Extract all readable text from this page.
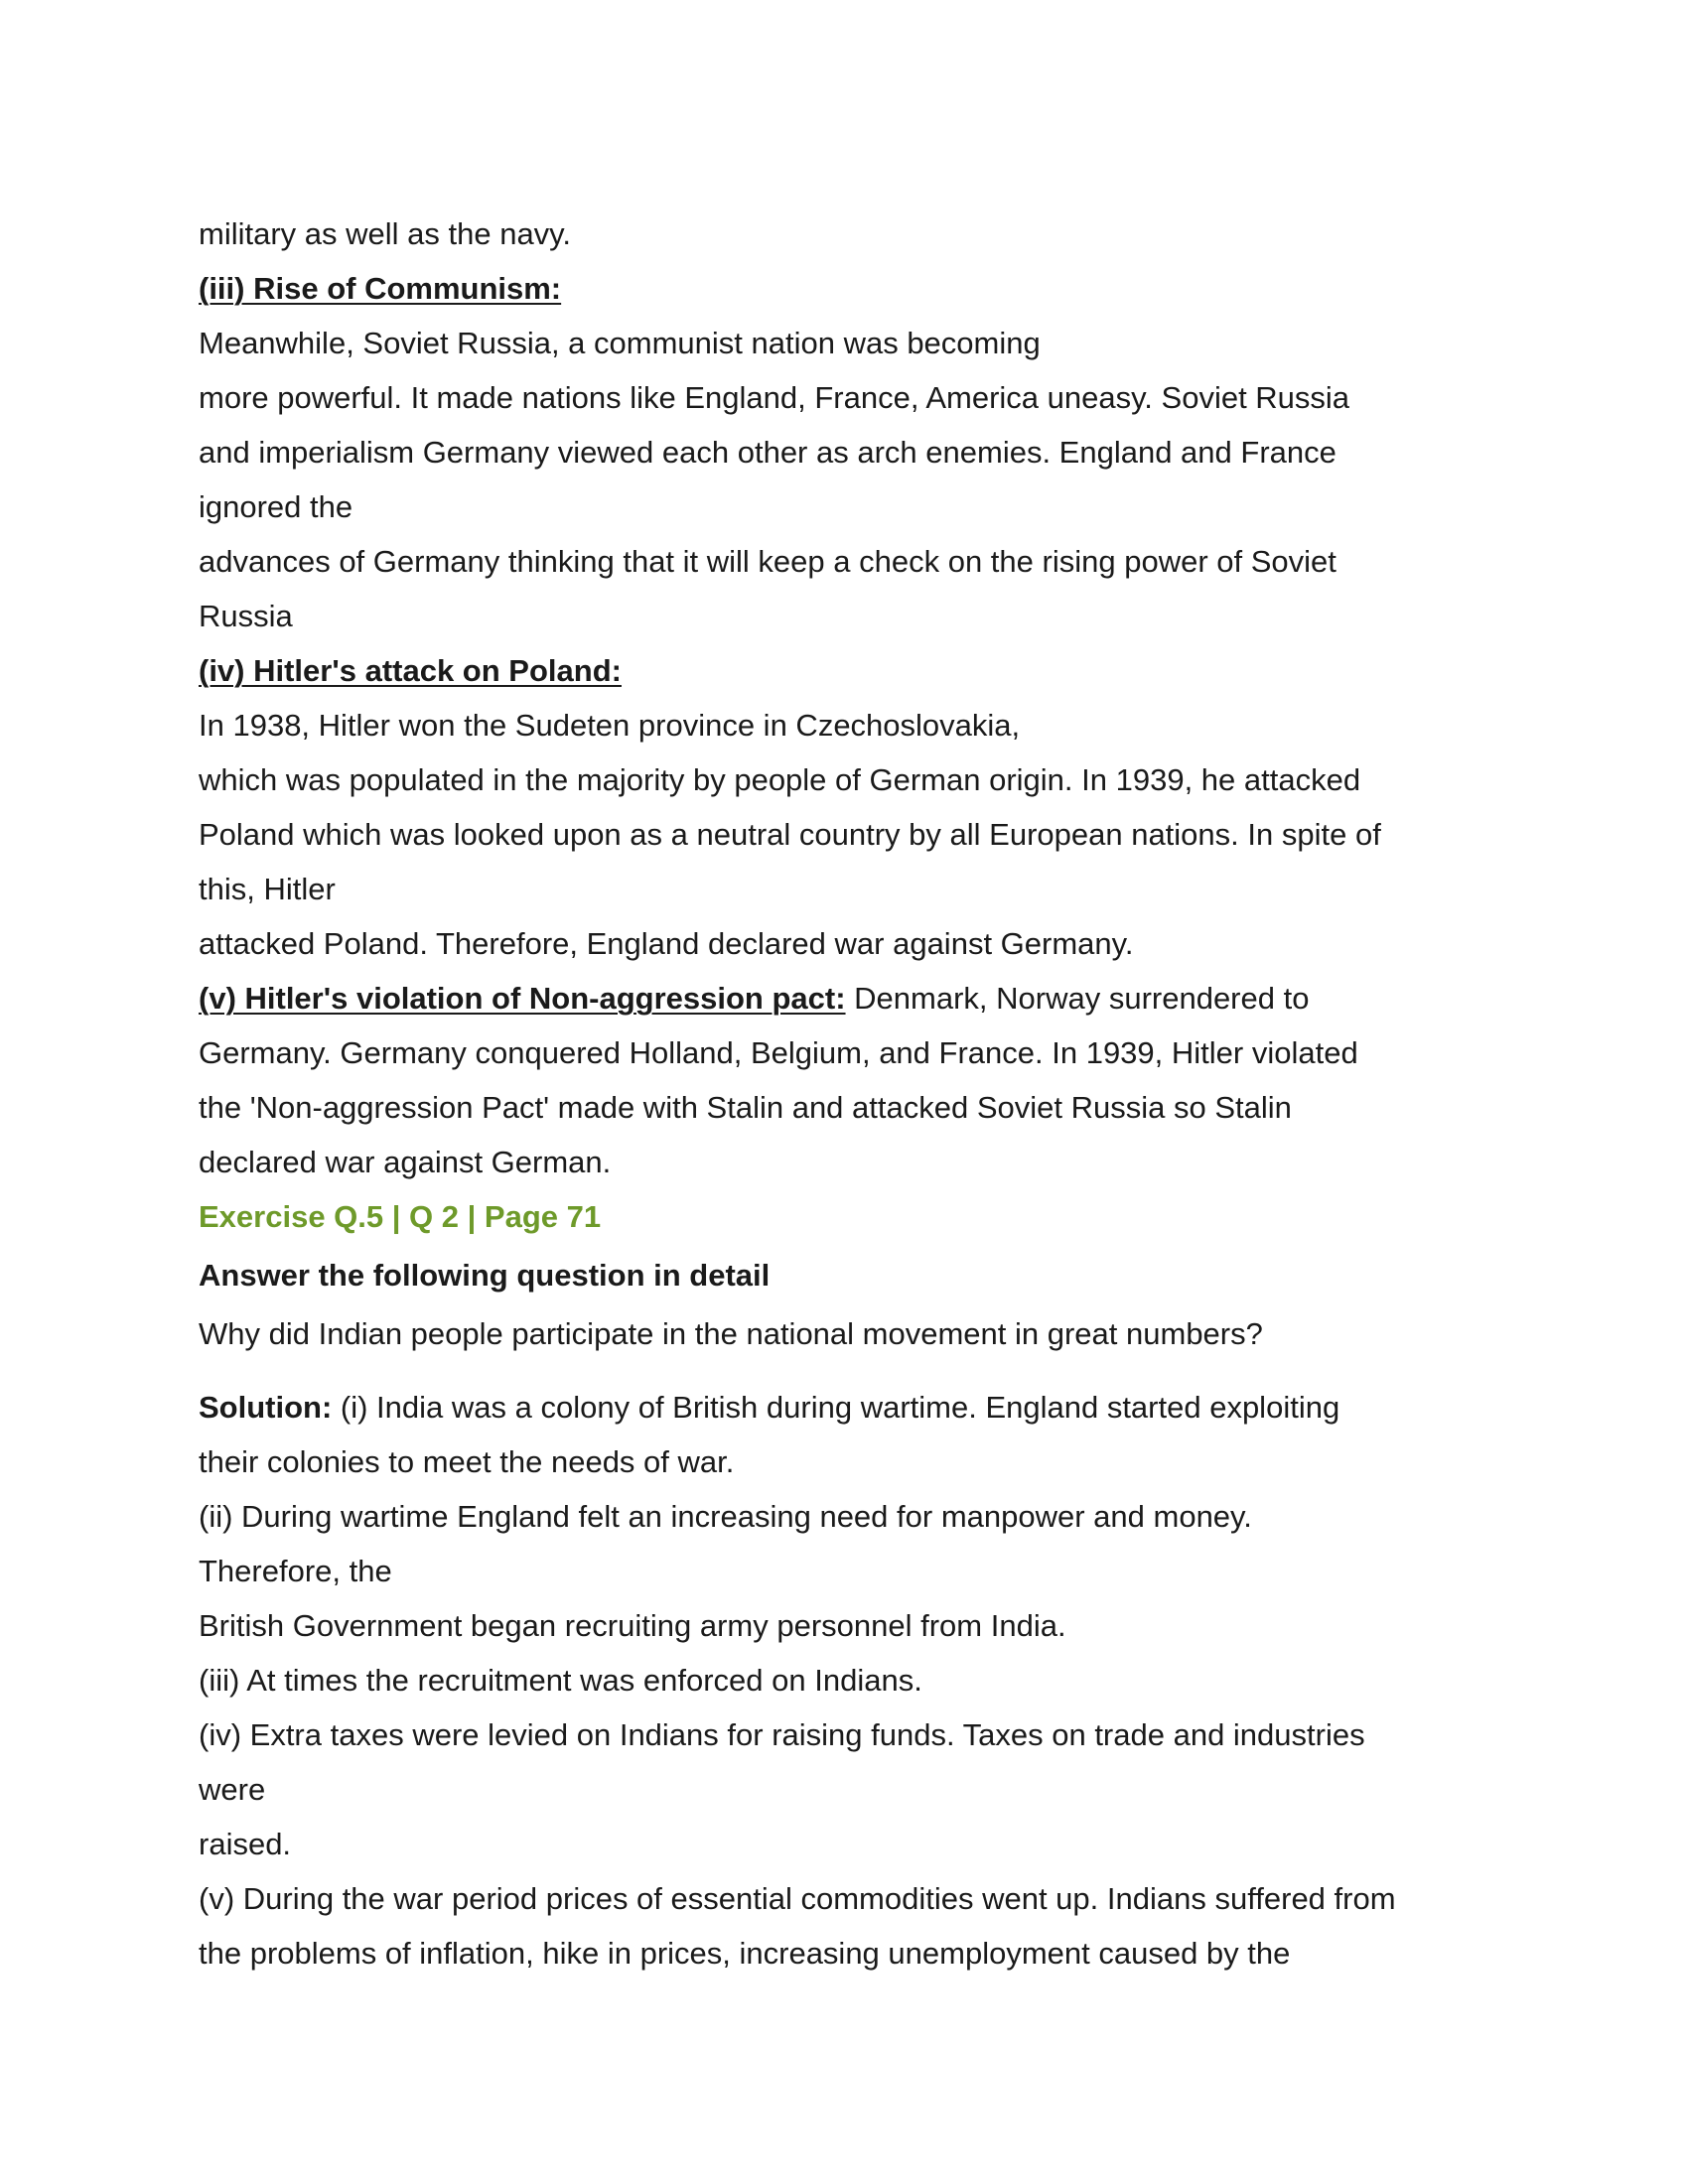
military as well as the navy.
(iii) Rise of Communism:
Meanwhile, Soviet Russia, a communist nation was becoming
more powerful. It made nations like England, France, America uneasy. Soviet Russia
and imperialism Germany viewed each other as arch enemies. England and France
ignored the
advances of Germany thinking that it will keep a check on the rising power of Soviet
Russia
(iv) Hitler's attack on Poland:
In 1938, Hitler won the Sudeten province in Czechoslovakia,
which was populated in the majority by people of German origin. In 1939, he attacked
Poland which was looked upon as a neutral country by all European nations. In spite of
this, Hitler
attacked Poland. Therefore, England declared war against Germany.
(v) Hitler's violation of Non-aggression pact: Denmark, Norway surrendered to
Germany. Germany conquered Holland, Belgium, and France. In 1939, Hitler violated
the 'Non-aggression Pact' made with Stalin and attacked Soviet Russia so Stalin
declared war against German.
Exercise Q.5 | Q 2 | Page 71
Answer the following question in detail
Why did Indian people participate in the national movement in great numbers?
Solution: (i) India was a colony of British during wartime. England started exploiting
their colonies to meet the needs of war.
(ii) During wartime England felt an increasing need for manpower and money.
Therefore, the
British Government began recruiting army personnel from India.
(iii) At times the recruitment was enforced on Indians.
(iv) Extra taxes were levied on Indians for raising funds. Taxes on trade and industries
were
raised.
(v) During the war period prices of essential commodities went up. Indians suffered from
the problems of inflation, hike in prices, increasing unemployment caused by the
